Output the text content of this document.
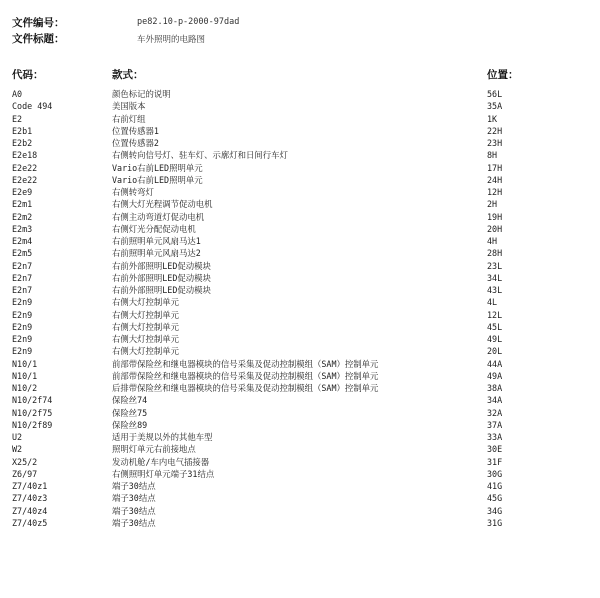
文件编号：	pe82.10-p-2000-97dad
文件标题：	车外照明的电路图
代码：	款式：	位置：
A0	颜色标记的说明	56L
Code 494	美国版本	35A
E2	右前灯组	1K
E2b1	位置传感器1	22H
E2b2	位置传感器2	23H
E2e18	右侧转向信号灯、驻车灯、示廓灯和日间行车灯	8H
E2e22	Vario右前LED照明单元	17H
E2e22	Vario右前LED照明单元	24H
E2e9	右侧转弯灯	12H
E2m1	右侧大灯光程调节促动电机	2H
E2m2	右侧主动弯道灯促动电机	19H
E2m3	右侧灯光分配促动电机	20H
E2m4	右前照明单元风扇马达1	4H
E2m5	右前照明单元风扇马达2	28H
E2n7	右前外部照明LED促动模块	23L
E2n7	右前外部照明LED促动模块	34L
E2n7	右前外部照明LED促动模块	43L
E2n9	右侧大灯控制单元	4L
E2n9	右侧大灯控制单元	12L
E2n9	右侧大灯控制单元	45L
E2n9	右侧大灯控制单元	49L
E2n9	右侧大灯控制单元	20L
N10/1	前部带保险丝和继电器模块的信号采集及促动控制模组（SAM）控制单元	44A
N10/1	前部带保险丝和继电器模块的信号采集及促动控制模组（SAM）控制单元	49A
N10/2	后排带保险丝和继电器模块的信号采集及促动控制模组（SAM）控制单元	38A
N10/2f74	保险丝74	34A
N10/2f75	保险丝75	32A
N10/2f89	保险丝89	37A
U2	适用于美规以外的其他车型	33A
W2	照明灯单元右前接地点	30E
X25/2	发动机舱/车内电气插接器	31F
Z6/97	右侧照明灯单元端子31结点	30G
Z7/40z1	端子30结点	41G
Z7/40z3	端子30结点	45G
Z7/40z4	端子30结点	34G
Z7/40z5	端子30结点	31G
